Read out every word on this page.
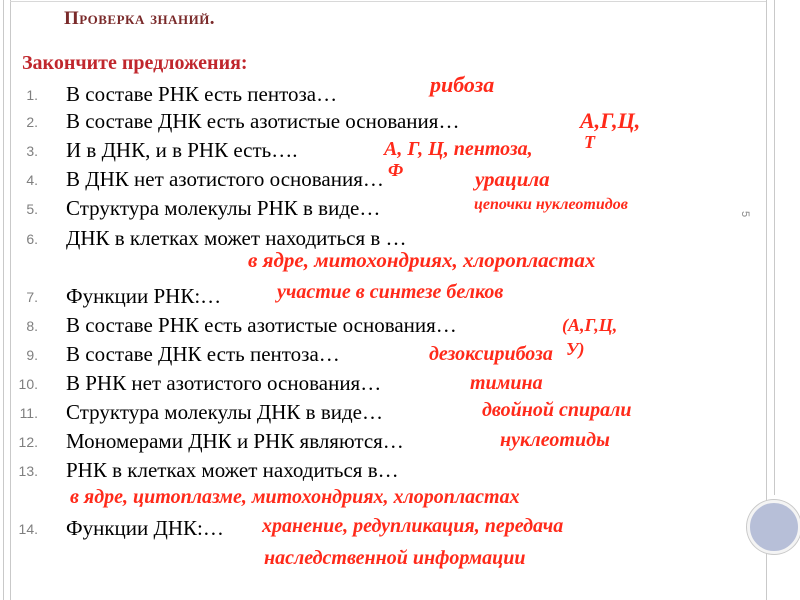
Проверка знаний.
Закончите предложения:
1. В составе РНК есть пентоза…
2. В составе ДНК есть азотистые основания…
3. И в ДНК, и в РНК есть….
4. В ДНК нет азотистого основания…
5. Структура молекулы РНК в виде…
6. ДНК в клетках может находиться в …
7. Функции РНК:…
8. В составе РНК есть азотистые основания…
9. В составе ДНК есть пентоза…
10. В РНК нет азотистого основания…
11. Структура молекулы ДНК в виде…
12. Мономерами ДНК и РНК являются…
13. РНК в клетках может находиться в…
14. Функции ДНК:…
рибоза
А,Г,Ц,
Т
А, Г, Ц, пентоза,
Ф	урацила
цепочки нуклеотидов
в ядре, митохондриях, хлоропластах
участие в синтезе белков
(А,Г,Ц,
У)
дезоксирибоза
тимина
двойной спирали
нуклеотиды
в ядре, цитоплазме, митохондриях, хлоропластах
хранение, редупликация, передача
наследственной информации
5
